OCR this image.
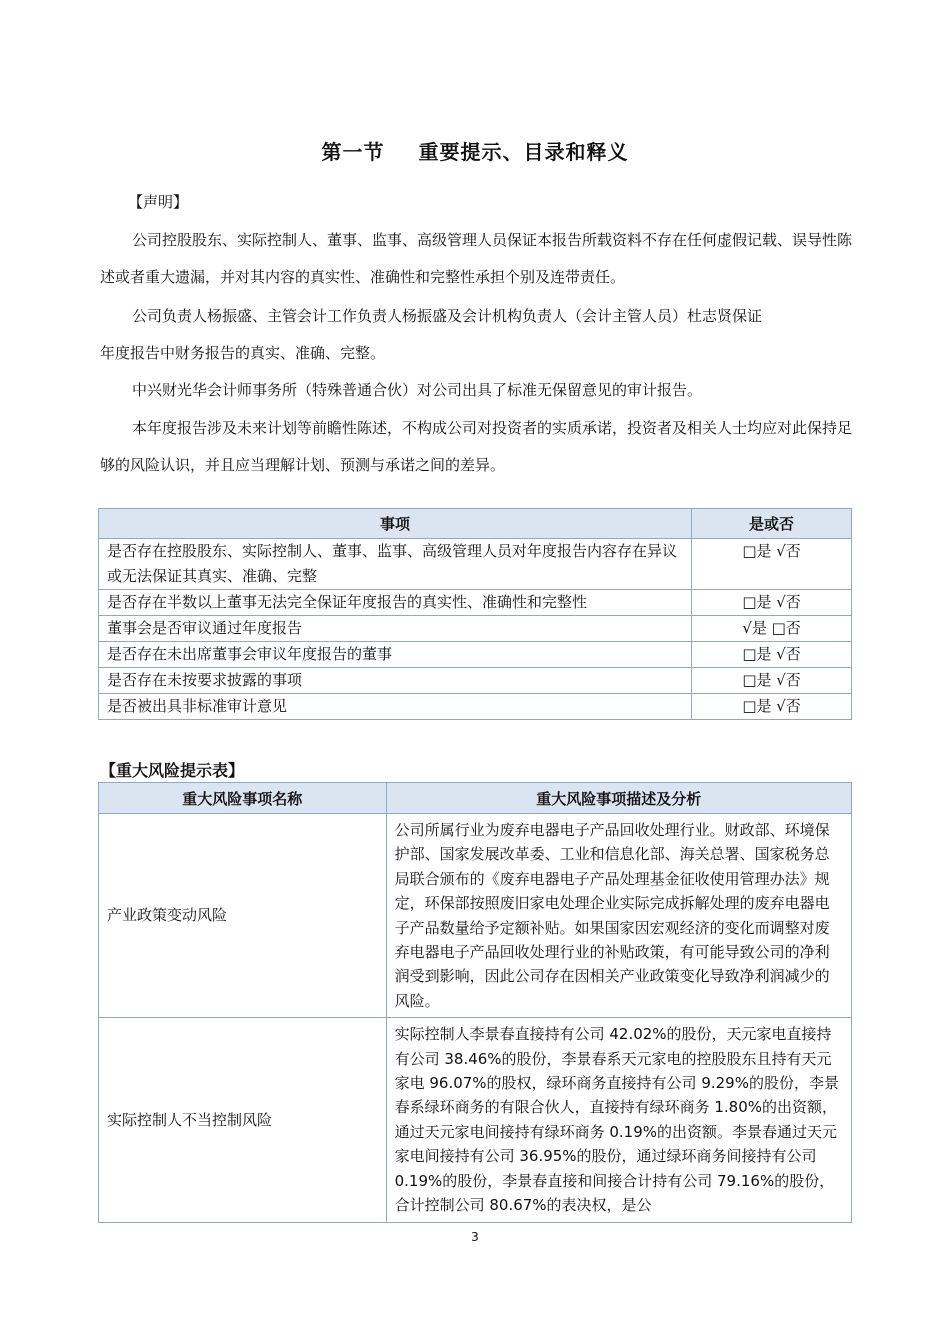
第一节 重要提示、目录和释义
【声明】
公司控股股东、实际控制人、董事、监事、高级管理人员保证本报告所载资料不存在任何虚假记载、误导性陈述或者重大遗漏，并对其内容的真实性、准确性和完整性承担个别及连带责任。
公司负责人杨振盛、主管会计工作负责人杨振盛及会计机构负责人（会计主管人员）杜志贤保证
年度报告中财务报告的真实、准确、完整。
中兴财光华会计师事务所（特殊普通合伙）对公司出具了标准无保留意见的审计报告。
本年度报告涉及未来计划等前瞻性陈述，不构成公司对投资者的实质承诺，投资者及相关人士均应对此保持足够的风险认识，并且应当理解计划、预测与承诺之间的差异。
事项	是或否
是否存在控股股东、实际控制人、董事、监事、高级管理人员对年度报告内容存在异议或无法保证其真实、准确、完整	□是 √否
是否存在半数以上董事无法完全保证年度报告的真实性、准确性和完整性	□是 √否
董事会是否审议通过年度报告	√是 □否
是否存在未出席董事会审议年度报告的董事	□是 √否
是否存在未按要求披露的事项	□是 √否
是否被出具非标准审计意见	□是 √否
【重大风险提示表】
重大风险事项名称	重大风险事项描述及分析
产业政策变动风险	公司所属行业为废弃电器电子产品回收处理行业。财政部、环境保护部、国家发展改革委、工业和信息化部、海关总署、国家税务总局联合颁布的《废弃电器电子产品处理基金征收使用管理办法》规定，环保部按照废旧家电处理企业实际完成拆解处理的废弃电器电子产品数量给予定额补贴。如果国家因宏观经济的变化而调整对废弃电器电子产品回收处理行业的补贴政策，有可能导致公司的净利润受到影响，因此公司存在因相关产业政策变化导致净利润减少的风险。
实际控制人不当控制风险	实际控制人李景春直接持有公司 42.02%的股份，天元家电直接持有公司 38.46%的股份，李景春系天元家电的控股股东且持有天元家电 96.07%的股权，绿环商务直接持有公司 9.29%的股份，李景春系绿环商务的有限合伙人，直接持有绿环商务 1.80%的出资额，通过天元家电间接持有绿环商务 0.19%的出资额。李景春通过天元家电间接持有公司 36.95%的股份，通过绿环商务间接持有公司 0.19%的股份，李景春直接和间接合计持有公司 79.16%的股份，合计控制公司 80.67%的表决权，是公
3
